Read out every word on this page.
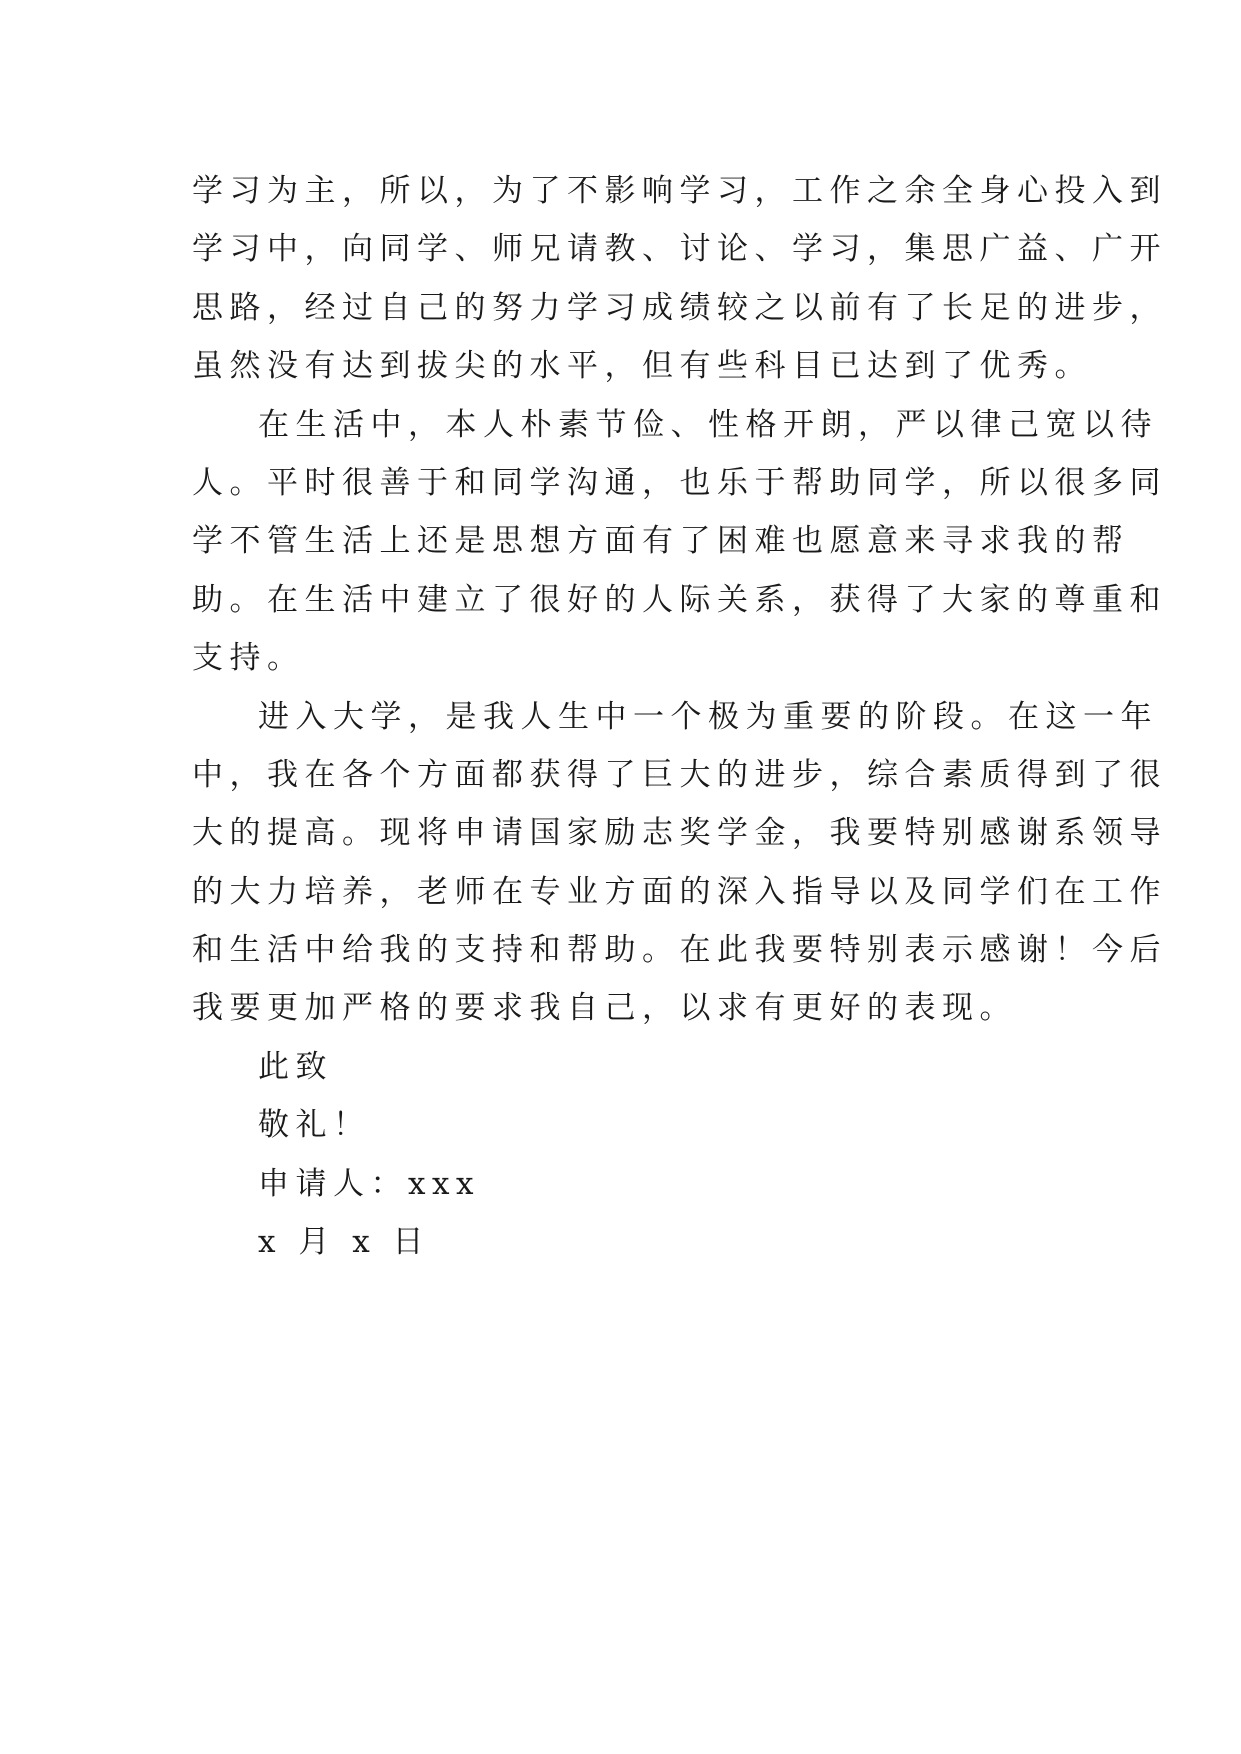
学习为主，所以，为了不影响学习，工作之余全身心投入到
学习中，向同学、师兄请教、讨论、学习，集思广益、广开
思路，经过自己的努力学习成绩较之以前有了长足的进步，
虽然没有达到拔尖的水平，但有些科目已达到了优秀。
在生活中，本人朴素节俭、性格开朗，严以律己宽以待
人。平时很善于和同学沟通，也乐于帮助同学，所以很多同
学不管生活上还是思想方面有了困难也愿意来寻求我的帮
助。在生活中建立了很好的人际关系，获得了大家的尊重和
支持。
进入大学，是我人生中一个极为重要的阶段。在这一年
中，我在各个方面都获得了巨大的进步，综合素质得到了很
大的提高。现将申请国家励志奖学金，我要特别感谢系领导
的大力培养，老师在专业方面的深入指导以及同学们在工作
和生活中给我的支持和帮助。在此我要特别表示感谢！今后
我要更加严格的要求我自己，以求有更好的表现。
此致
敬礼！
申请人：xxx
x 月 x 日
